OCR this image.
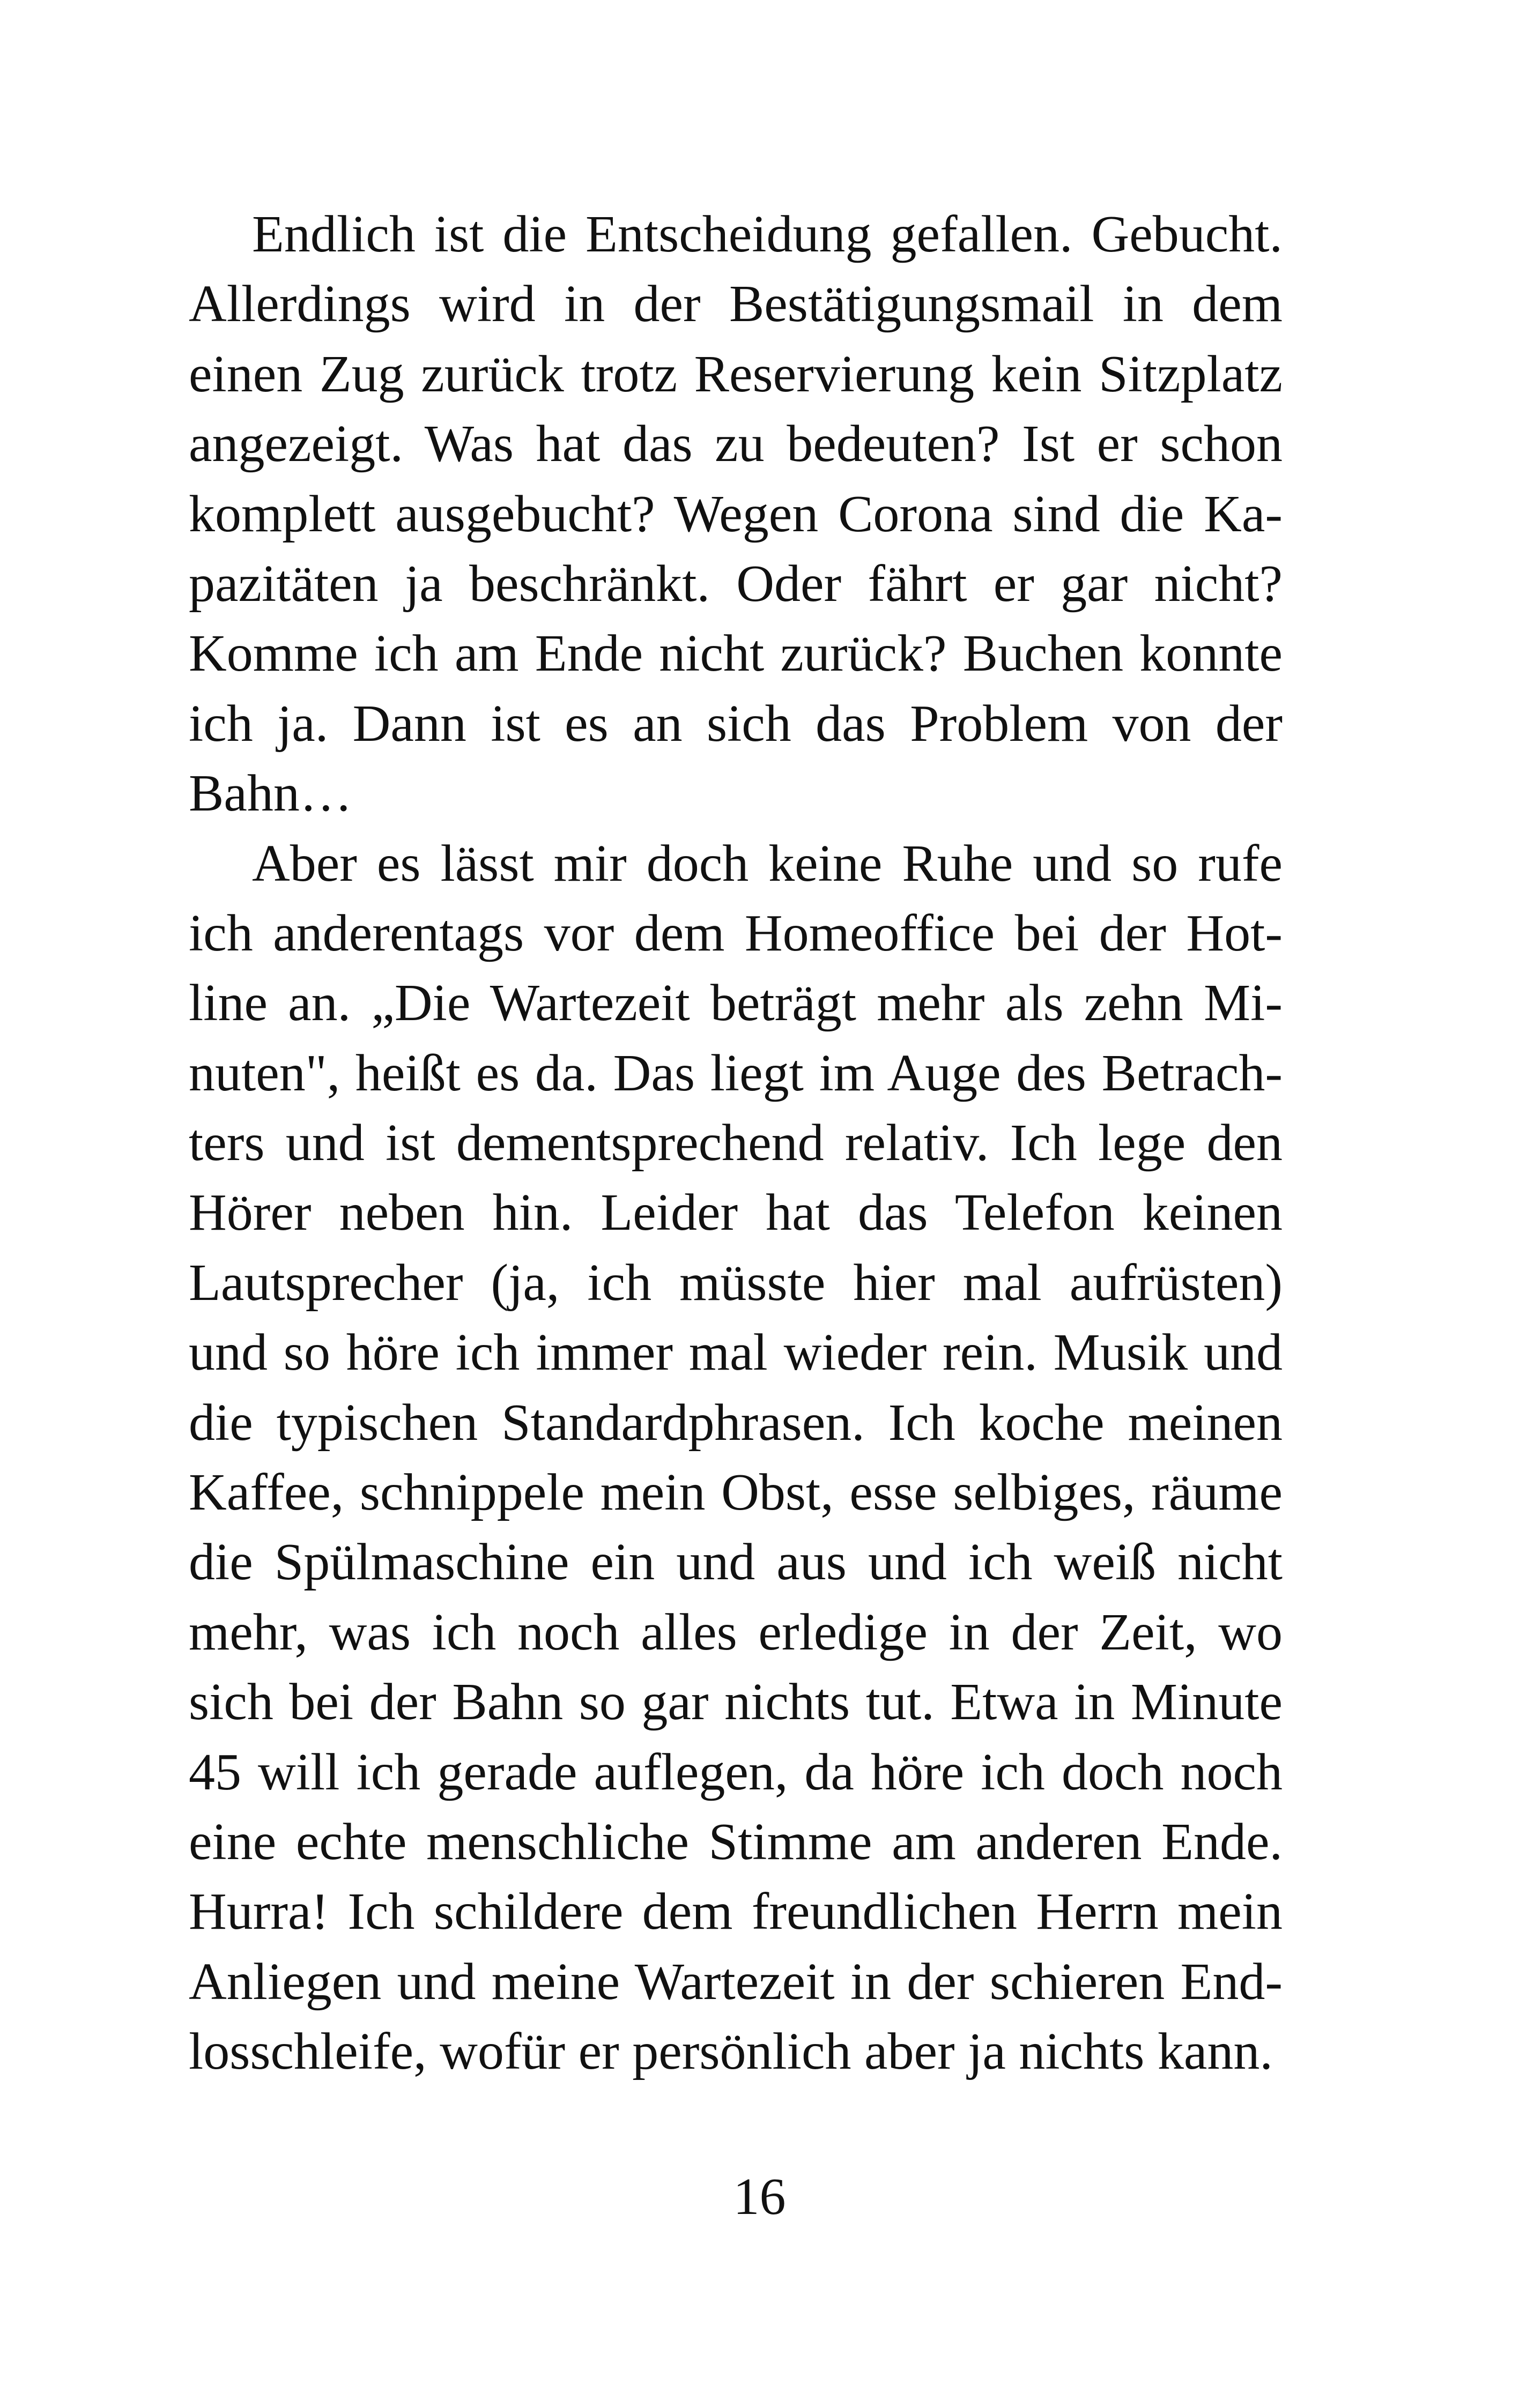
Endlich ist die Entscheidung gefallen. Gebucht.
Allerdings wird in der Bestätigungsmail in dem
einen Zug zurück trotz Reservierung kein Sitzplatz
angezeigt. Was hat das zu bedeuten? Ist er schon
komplett ausgebucht? Wegen Corona sind die Ka-
pazitäten ja beschränkt. Oder fährt er gar nicht?
Komme ich am Ende nicht zurück? Buchen konnte
ich ja. Dann ist es an sich das Problem von der
Bahn…

Aber es lässt mir doch keine Ruhe und so rufe
ich anderentags vor dem Homeoffice bei der Hot-
line an. „Die Wartezeit beträgt mehr als zehn Mi-
nuten", heißt es da. Das liegt im Auge des Betrach-
ters und ist dementsprechend relativ. Ich lege den
Hörer neben hin. Leider hat das Telefon keinen
Lautsprecher (ja, ich müsste hier mal aufrüsten)
und so höre ich immer mal wieder rein. Musik und
die typischen Standardphrasen. Ich koche meinen
Kaffee, schnippele mein Obst, esse selbiges, räume
die Spülmaschine ein und aus und ich weiß nicht
mehr, was ich noch alles erledige in der Zeit, wo
sich bei der Bahn so gar nichts tut. Etwa in Minute
45 will ich gerade auflegen, da höre ich doch noch
eine echte menschliche Stimme am anderen Ende.
Hurra! Ich schildere dem freundlichen Herrn mein
Anliegen und meine Wartezeit in der schieren End-
losschleife, wofür er persönlich aber ja nichts kann.

16
